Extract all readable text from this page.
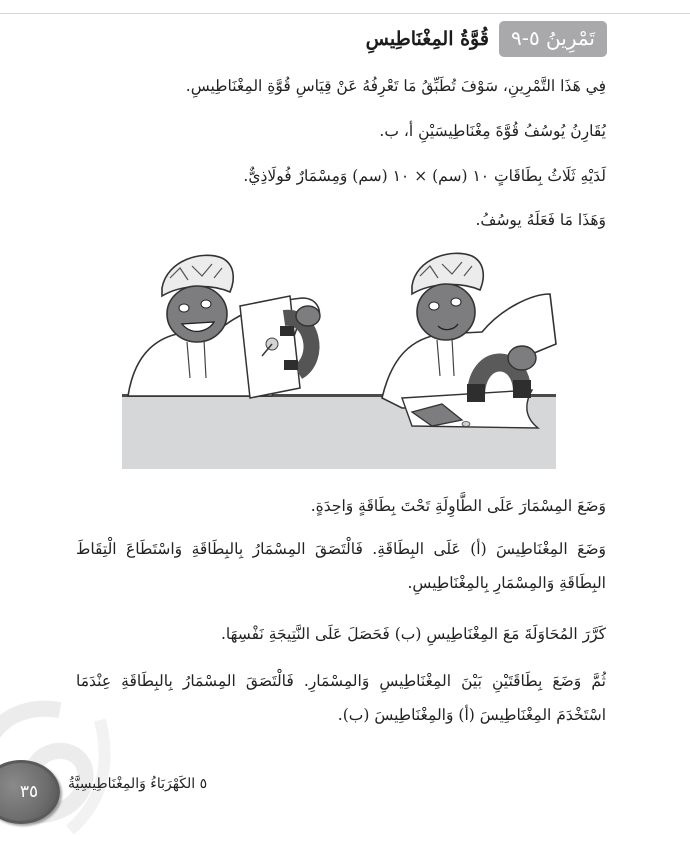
تَمْرِينُ ٥-٩
قُوَّةُ المِغْنَاطِيسِ
فِي هَذَا التَّمْرِينِ، سَوْفَ تُطَبِّقُ مَا تَعْرِفُهُ عَنْ قِيَاسِ قُوَّةِ المِغْنَاطِيسِ.
يُقَارِنُ يُوسُفُ قُوَّةَ مِغْنَاطِيسَيْنِ أ، ب.
لَدَيْهِ ثَلَاثُ بِطَاقَاتٍ ١٠ (سم) × ١٠ (سم) وَمِسْمَارٌ فُولَاذِيٌّ.
وَهَذَا مَا فَعَلَهُ يوسُفُ.
وَضَعَ المِسْمَارَ عَلَى الطَّاوِلَةِ تَحْتَ بِطَاقَةٍ وَاحِدَةٍ.
وَضَعَ المِغْنَاطِيسَ (أ) عَلَى البِطَاقَةِ. فَالْتَصَقَ المِسْمَارُ بِالبِطَاقَةِ وَاسْتَطَاعَ الْتِقَاطَ البِطَاقَةِ وَالمِسْمَارِ بِالمِغْنَاطِيسِ.
كَرَّرَ المُحَاوَلَةَ مَعَ المِغْنَاطِيسِ (ب) فَحَصَلَ عَلَى النَّتِيجَةِ نَفْسِهَا.
ثُمَّ وَضَعَ بِطَاقَتَيْنِ بَيْنَ المِغْنَاطِيسِ وَالمِسْمَارِ. فَالْتَصَقَ المِسْمَارُ بِالبِطَاقَةِ عِنْدَمَا اسْتَخْدَمَ المِغْنَاطِيسَ (أ) وَالمِغْنَاطِيسَ (ب).
٣٥ ٥ الكَهْرَبَاءُ وَالمِغْنَاطِيسِيَّةُ
